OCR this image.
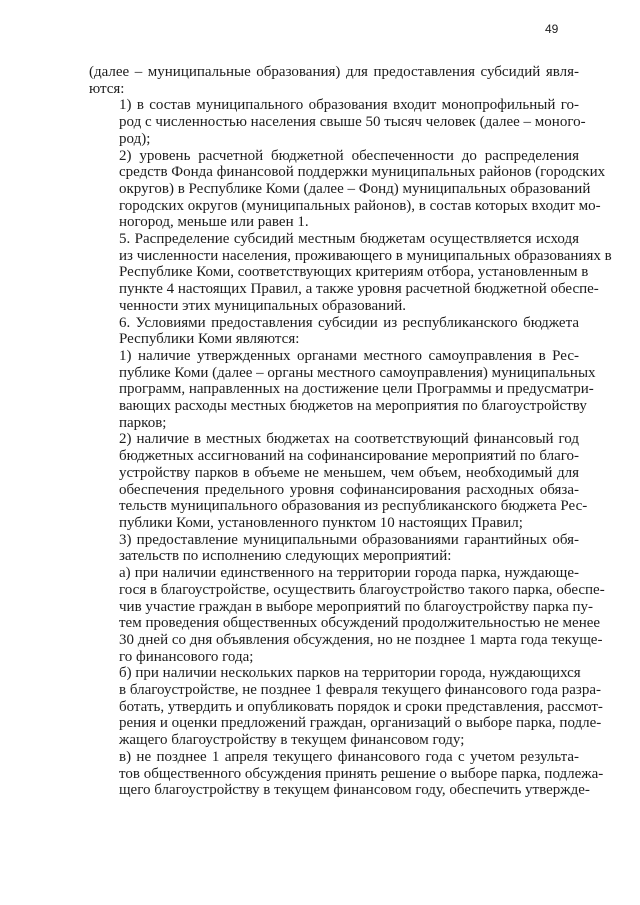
49
(далее – муниципальные образования) для предоставления субсидий явля-
ются:
1) в состав муниципального образования входит монопрофильный го-
род с численностью населения свыше 50 тысяч человек (далее – моного-
род);
2) уровень расчетной бюджетной обеспеченности до распределения
средств Фонда финансовой поддержки муниципальных районов (городских
округов) в Республике Коми (далее – Фонд) муниципальных образований
городских округов (муниципальных районов), в состав которых входит мо-
ногород, меньше или равен 1.
5. Распределение субсидий местным бюджетам осуществляется исходя
из численности населения, проживающего в муниципальных образованиях в
Республике Коми, соответствующих критериям отбора, установленным в
пункте 4 настоящих Правил, а также уровня расчетной бюджетной обеспе-
ченности этих муниципальных образований.
6. Условиями предоставления субсидии из республиканского бюджета
Республики Коми являются:
1) наличие утвержденных органами местного самоуправления в Рес-
публике Коми (далее – органы местного самоуправления) муниципальных
программ, направленных на достижение цели Программы и предусматри-
вающих расходы местных бюджетов на мероприятия по благоустройству
парков;
2) наличие в местных бюджетах на соответствующий финансовый год
бюджетных ассигнований на софинансирование мероприятий по благо-
устройству парков в объеме не меньшем, чем объем, необходимый для
обеспечения предельного уровня софинансирования расходных обяза-
тельств муниципального образования из республиканского бюджета Рес-
публики Коми, установленного пунктом 10 настоящих Правил;
3) предоставление муниципальными образованиями гарантийных обя-
зательств по исполнению следующих мероприятий:
а) при наличии единственного на территории города парка, нуждающе-
гося в благоустройстве, осуществить благоустройство такого парка, обеспе-
чив участие граждан в выборе мероприятий по благоустройству парка пу-
тем проведения общественных обсуждений продолжительностью не менее
30 дней со дня объявления обсуждения, но не позднее 1 марта года текуще-
го финансового года;
б) при наличии нескольких парков на территории города, нуждающихся
в благоустройстве, не позднее 1 февраля текущего финансового года разра-
ботать, утвердить и опубликовать порядок и сроки представления, рассмот-
рения и оценки предложений граждан, организаций о выборе парка, подле-
жащего благоустройству в текущем финансовом году;
в) не позднее 1 апреля текущего финансового года с учетом результа-
тов общественного обсуждения принять решение о выборе парка, подлежа-
щего благоустройству в текущем финансовом году, обеспечить утвержде-
